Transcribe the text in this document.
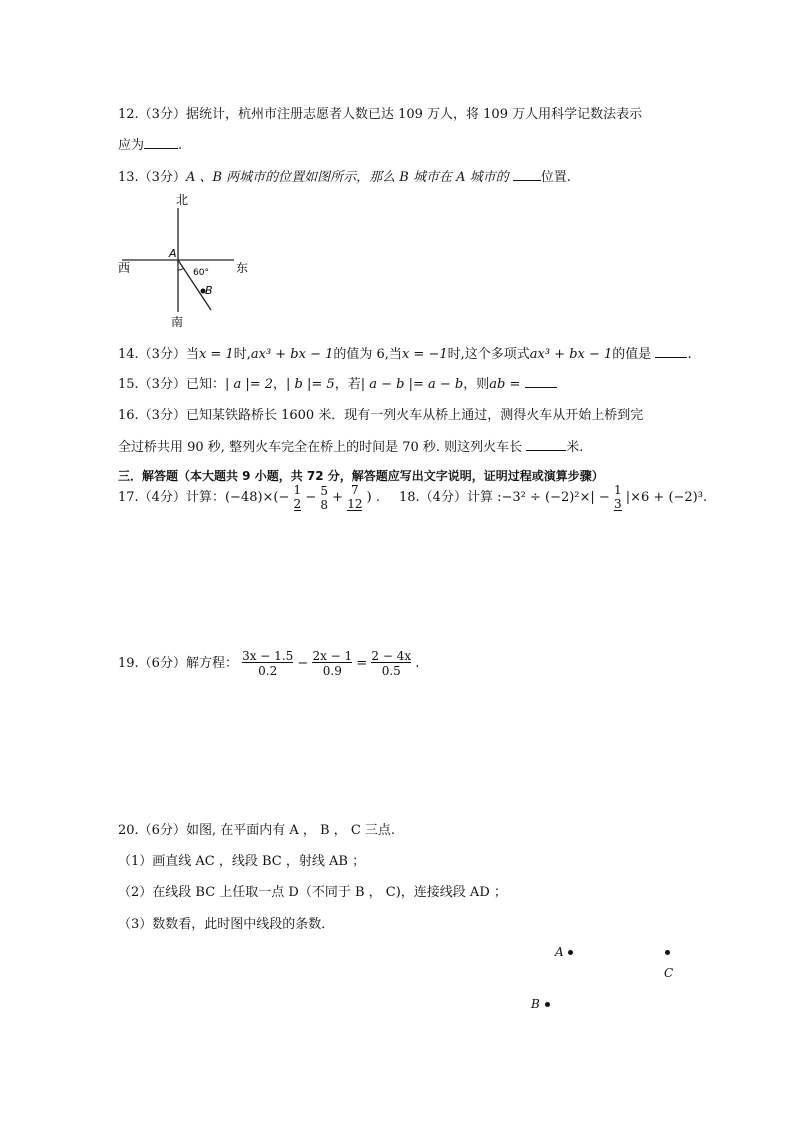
12.（3分）据统计，杭州市注册志愿者人数已达 109 万人，将 109 万人用科学记数法表示
应为	.
13.（3分）A 、B 两城市的位置如图所示，那么 B 城市在 A 城市的 位置.
北
南
西	东
A
B
60°
14.（3分）当x = 1时,ax³ + bx − 1的值为 6,当x = −1时,这个多项式ax³ + bx − 1的值是	.
15.（3分）已知：| a |= 2，| b |= 5，若| a − b |= a − b，则ab =
16.（3分）已知某铁路桥长 1600 米．现有一列火车从桥上通过，测得火车从开始上桥到完
全过桥共用 90 秒, 整列火车完全在桥上的时间是 70 秒. 则这列火车长	米.
三．解答题（本大题共 9 小题，共 72 分，解答题应写出文字说明，证明过程或演算步骤）
17.（4分）计算：(−48)×(− 1
2 − 5
8 + 7
12 ) . 18.（4分）计算 :−3² ÷ (−2)²×| − 1
3 |×6 + (−2)³.
19.（6分）解方程： $\frac{3x - 1.5}{0.2} - \frac{2x - 1}{0.9} = \frac{2 - 4x}{0.5}$ .
20.（6分）如图, 在平面内有 A ， B ， C 三点.
（1）画直线 AC ，线段 BC ，射线 AB ；
（2）在线段 BC 上任取一点 D（不同于 B ， C)，连接线段 AD ；
（3）数数看，此时图中线段的条数．
A
C
B
